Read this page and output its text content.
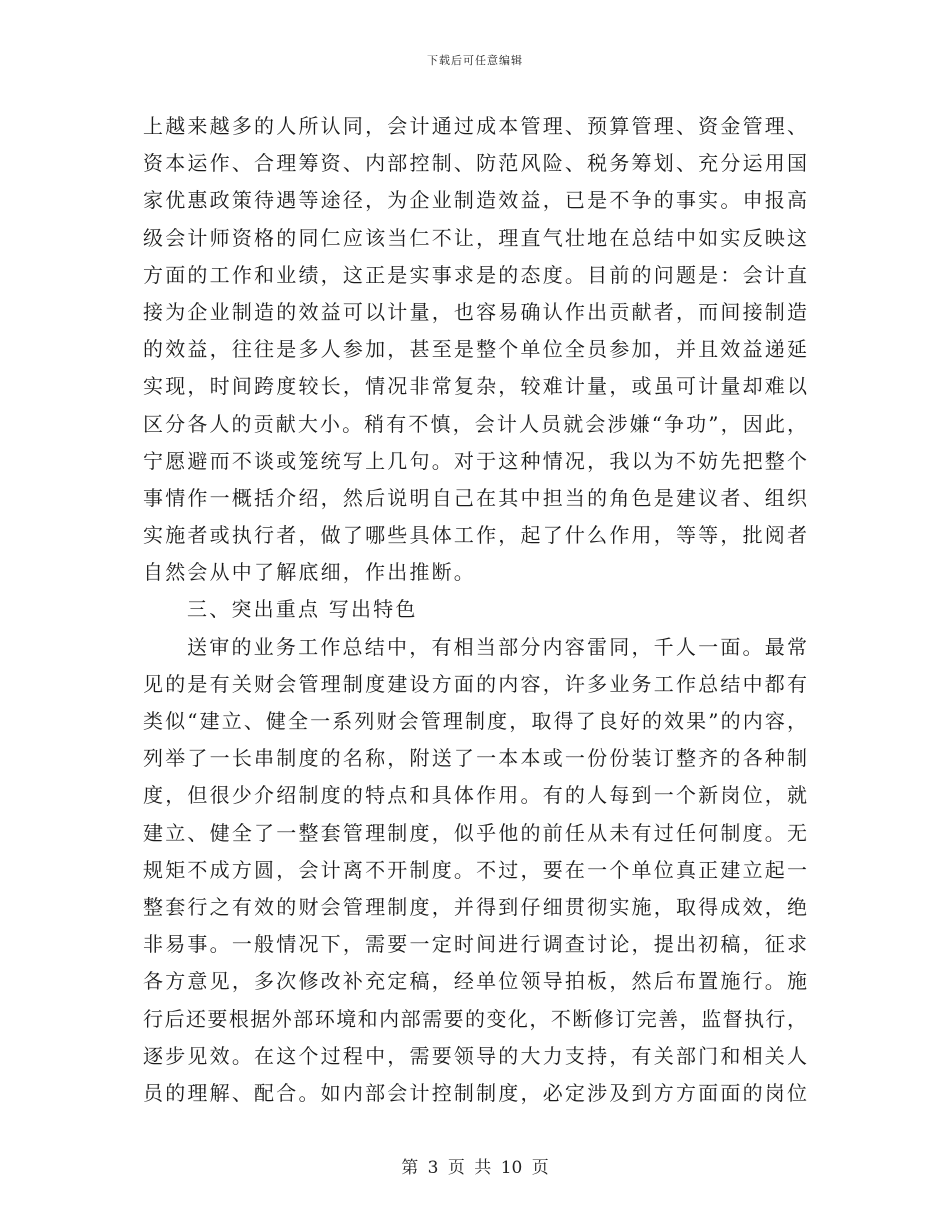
下载后可任意编辑
上越来越多的人所认同，会计通过成本管理、预算管理、资金管理、
资本运作、合理筹资、内部控制、防范风险、税务筹划、充分运用国
家优惠政策待遇等途径，为企业制造效益，已是不争的事实。申报高
级会计师资格的同仁应该当仁不让，理直气壮地在总结中如实反映这
方面的工作和业绩，这正是实事求是的态度。目前的问题是：会计直
接为企业制造的效益可以计量，也容易确认作出贡献者，而间接制造
的效益，往往是多人参加，甚至是整个单位全员参加，并且效益递延
实现，时间跨度较长，情况非常复杂，较难计量，或虽可计量却难以
区分各人的贡献大小。稍有不慎，会计人员就会涉嫌“争功”，因此，
宁愿避而不谈或笼统写上几句。对于这种情况，我以为不妨先把整个
事情作一概括介绍，然后说明自己在其中担当的角色是建议者、组织
实施者或执行者，做了哪些具体工作，起了什么作用，等等，批阅者
自然会从中了解底细，作出推断。
三、突出重点 写出特色
送审的业务工作总结中，有相当部分内容雷同，千人一面。最常
见的是有关财会管理制度建设方面的内容，许多业务工作总结中都有
类似“建立、健全一系列财会管理制度，取得了良好的效果”的内容，
列举了一长串制度的名称，附送了一本本或一份份装订整齐的各种制
度，但很少介绍制度的特点和具体作用。有的人每到一个新岗位，就
建立、健全了一整套管理制度，似乎他的前任从未有过任何制度。无
规矩不成方圆，会计离不开制度。不过，要在一个单位真正建立起一
整套行之有效的财会管理制度，并得到仔细贯彻实施，取得成效，绝
非易事。一般情况下，需要一定时间进行调查讨论，提出初稿，征求
各方意见，多次修改补充定稿，经单位领导拍板，然后布置施行。施
行后还要根据外部环境和内部需要的变化，不断修订完善，监督执行，
逐步见效。在这个过程中，需要领导的大力支持，有关部门和相关人
员的理解、配合。如内部会计控制制度，必定涉及到方方面面的岗位
第 3 页 共 10 页
